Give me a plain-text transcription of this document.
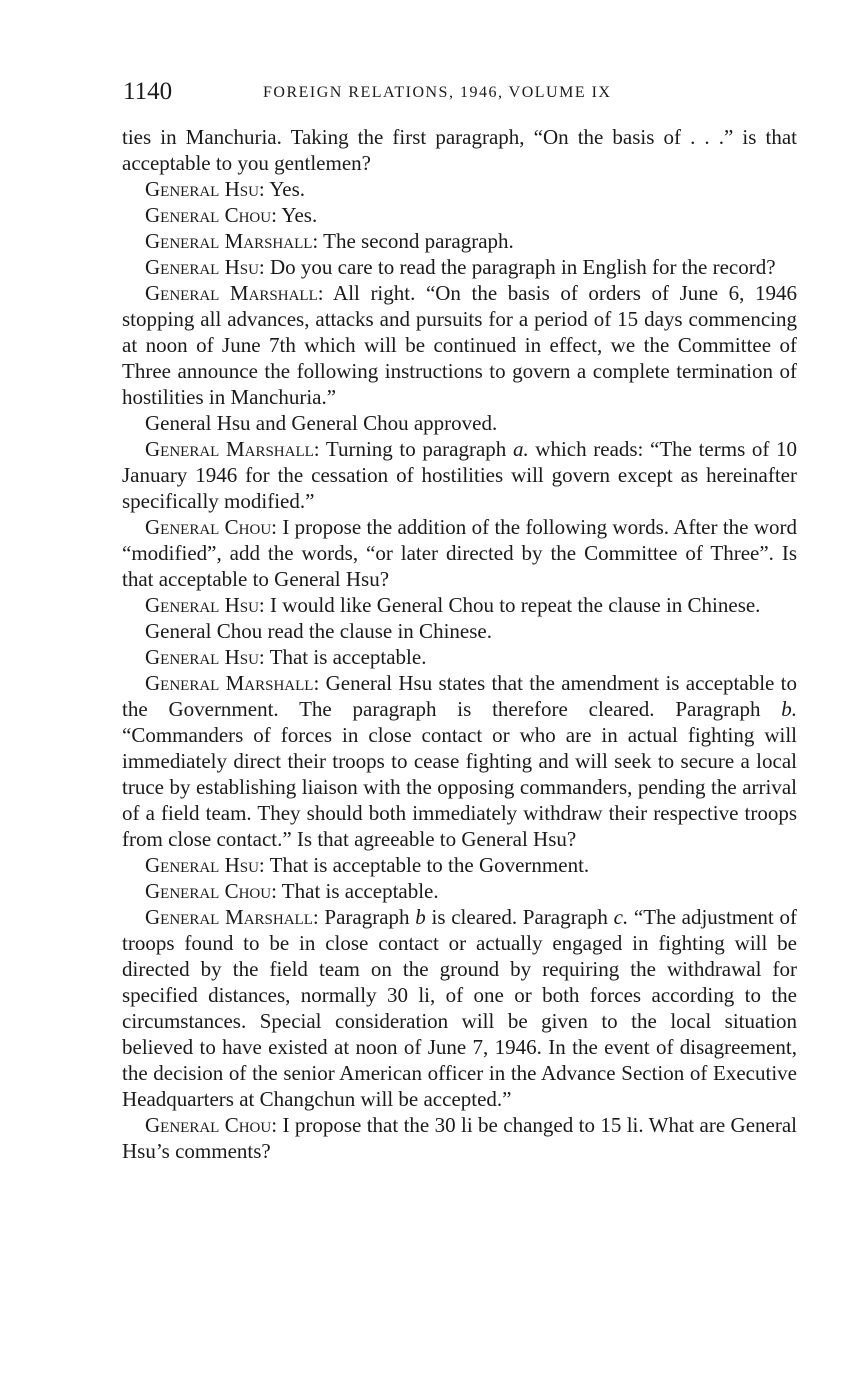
1140	FOREIGN RELATIONS, 1946, VOLUME IX

ties in Manchuria. Taking the first paragraph, “On the basis of . . .” is that acceptable to you gentlemen?

General Hsu: Yes.

General Chou: Yes.

General Marshall: The second paragraph.

General Hsu: Do you care to read the paragraph in English for the record?

General Marshall: All right. “On the basis of orders of June 6, 1946 stopping all advances, attacks and pursuits for a period of 15 days commencing at noon of June 7th which will be continued in effect, we the Committee of Three announce the following instructions to govern a complete termination of hostilities in Manchuria.”

General Hsu and General Chou approved.

General Marshall: Turning to paragraph a. which reads: “The terms of 10 January 1946 for the cessation of hostilities will govern except as hereinafter specifically modified.”

General Chou: I propose the addition of the following words. After the word “modified”, add the words, “or later directed by the Committee of Three”. Is that acceptable to General Hsu?

General Hsu: I would like General Chou to repeat the clause in Chinese.

General Chou read the clause in Chinese.

General Hsu: That is acceptable.

General Marshall: General Hsu states that the amendment is acceptable to the Government. The paragraph is therefore cleared. Paragraph b. “Commanders of forces in close contact or who are in actual fighting will immediately direct their troops to cease fighting and will seek to secure a local truce by establishing liaison with the opposing commanders, pending the arrival of a field team. They should both immediately withdraw their respective troops from close contact.” Is that agreeable to General Hsu?

General Hsu: That is acceptable to the Government.

General Chou: That is acceptable.

General Marshall: Paragraph b is cleared. Paragraph c. “The adjustment of troops found to be in close contact or actually engaged in fighting will be directed by the field team on the ground by requiring the withdrawal for specified distances, normally 30 li, of one or both forces according to the circumstances. Special consideration will be given to the local situation believed to have existed at noon of June 7, 1946. In the event of disagreement, the decision of the senior American officer in the Advance Section of Executive Headquarters at Changchun will be accepted.”

General Chou: I propose that the 30 li be changed to 15 li. What are General Hsu’s comments?
